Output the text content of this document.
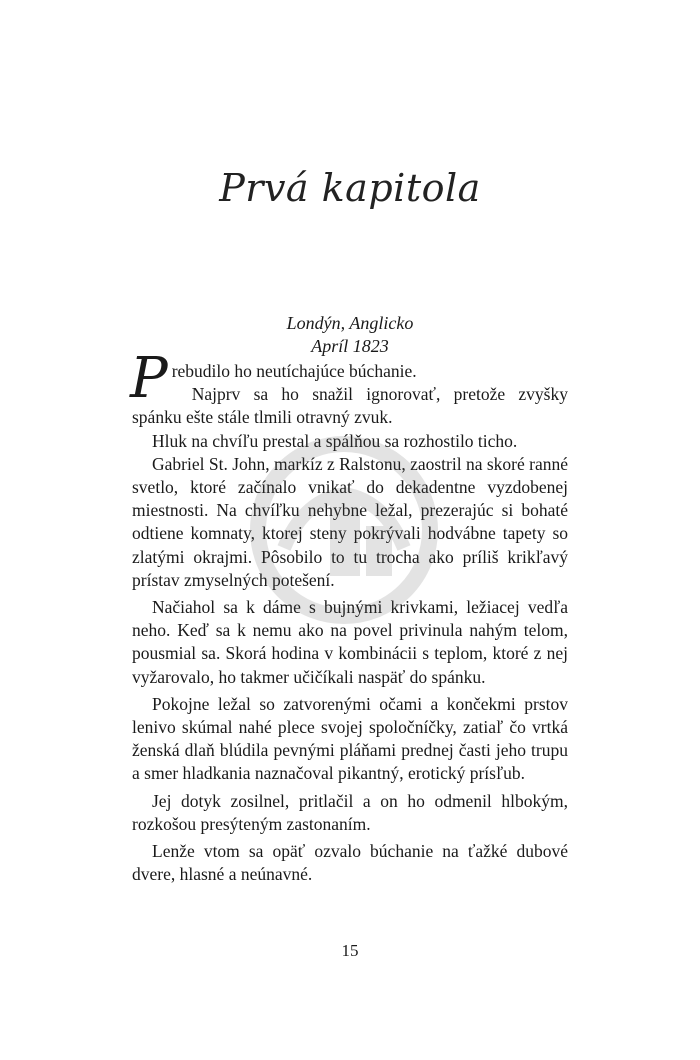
Prvá kapitola
Londýn, Anglicko
Apríl 1823

Prebudilo ho neutíchajúce búchanie.

Najprv sa ho snažil ignorovať, pretože zvyšky spánku ešte stále tlmili otravný zvuk.

Hluk na chvíľu prestal a spálňou sa rozhostilo ticho.

Gabriel St. John, markíz z Ralstonu, zaostril na skoré ranné svetlo, ktoré začínalo vnikať do dekadentne vyzdobenej miestnosti. Na chvíľku nehybne ležal, prezerajúc si bohaté odtiene komnaty, ktorej steny pokrývali hodvábne tapety so zlatými okrajmi. Pôsobilo to tu trocha ako príliš krikľavý prístav zmyselných potešení.

Načiahol sa k dáme s bujnými krivkami, ležiacej vedľa neho. Keď sa k nemu ako na povel privinula nahým telom, pousmial sa. Skorá hodina v kombinácii s teplom, ktoré z nej vyžarovalo, ho takmer učičíkali naspäť do spánku.

Pokojne ležal so zatvorenými očami a končekmi prstov lenivo skúmal nahé plece svojej spoločníčky, zatiaľ čo vrtká ženská dlaň blúdila pevnými pláňami prednej časti jeho trupu a smer hladkania naznačoval pikantný, erotický prísľub.

Jej dotyk zosilnel, pritlačil a on ho odmenil hlbokým, rozkošou presýteným zastonaním.

Lenže vtom sa opäť ozvalo búchanie na ťažké dubové dvere, hlasné a neúnavné.

15
